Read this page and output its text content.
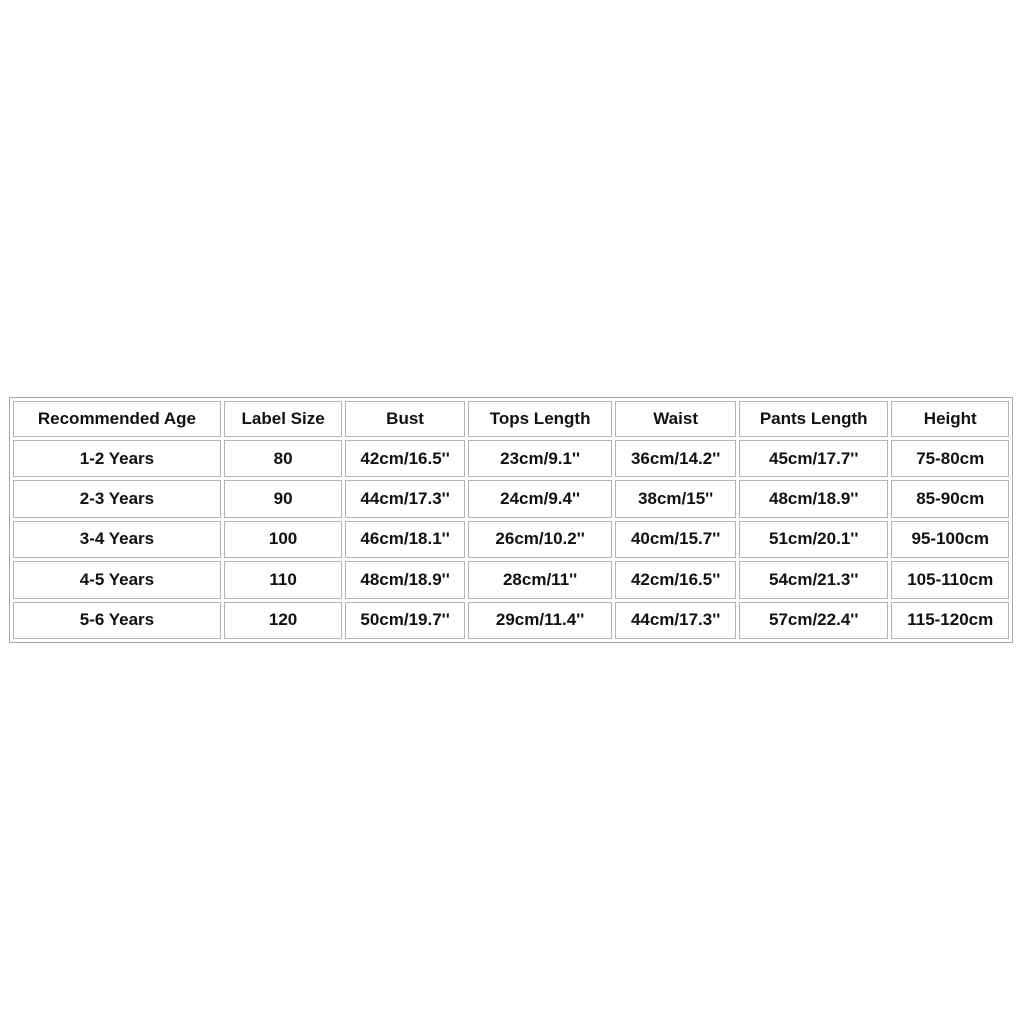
Recommended Age	Label Size	Bust	Tops Length	Waist	Pants Length	Height
1-2 Years	80	42cm/16.5''	23cm/9.1''	36cm/14.2''	45cm/17.7''	75-80cm
2-3 Years	90	44cm/17.3''	24cm/9.4''	38cm/15''	48cm/18.9''	85-90cm
3-4 Years	100	46cm/18.1''	26cm/10.2''	40cm/15.7''	51cm/20.1''	95-100cm
4-5 Years	110	48cm/18.9''	28cm/11''	42cm/16.5''	54cm/21.3''	105-110cm
5-6 Years	120	50cm/19.7''	29cm/11.4''	44cm/17.3''	57cm/22.4''	115-120cm
